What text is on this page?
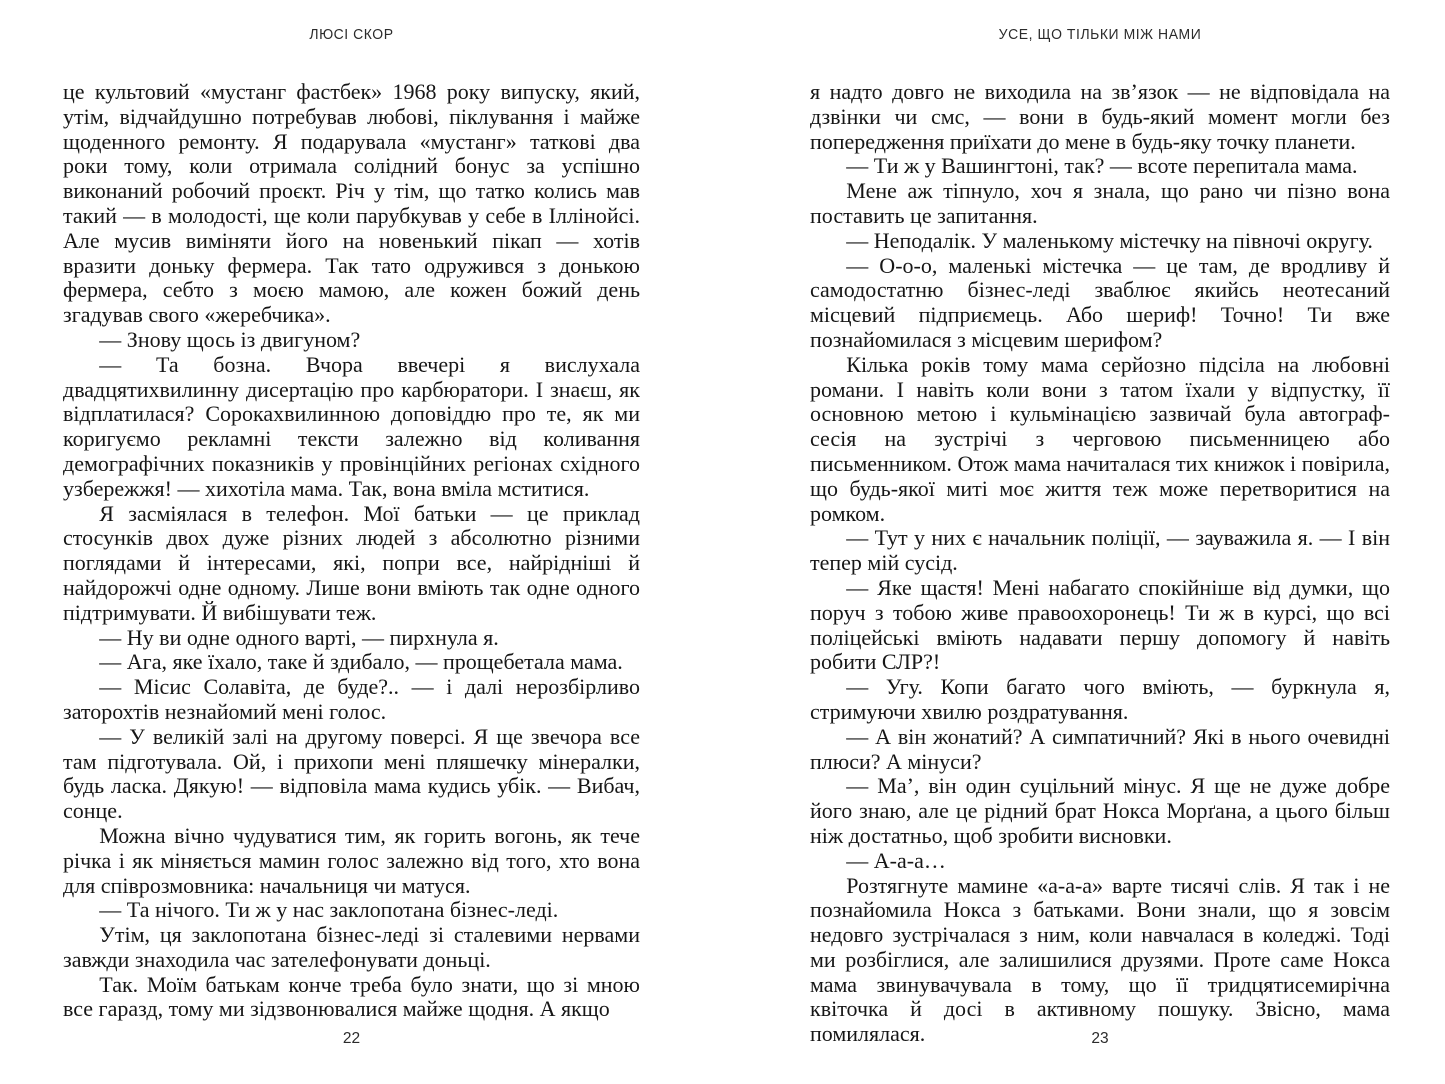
ЛЮСІ СКОР

це культовий «мустанг фастбек» 1968 року випуску, який, утім, відчайдушно потребував любові, піклування і майже щоденного ремонту. Я подарувала «мустанг» таткові два роки тому, коли отримала солідний бонус за успішно виконаний робочий проєкт. Річ у тім, що татко колись мав такий — в молодості, ще коли парубкував у себе в Іллінойсі. Але мусив виміняти його на новенький пікап — хотів вразити доньку фермера. Так тато одружився з донькою фермера, себто з моєю мамою, але кожен божий день згадував свого «жеребчика».

— Знову щось із двигуном?

— Та бозна. Вчора ввечері я вислухала двадцятихвилинну дисертацію про карбюратори. І знаєш, як відплатилася? Сорокахвилинною доповіддю про те, як ми коригуємо рекламні тексти залежно від коливання демографічних показників у провінційних регіонах східного узбережжя! — хихотіла мама. Так, вона вміла мститися.

Я засміялася в телефон. Мої батьки — це приклад стосунків двох дуже різних людей з абсолютно різними поглядами й інтересами, які, попри все, найрідніші й найдорожчі одне одному. Лише вони вміють так одне одного підтримувати. Й вибішувати теж.

— Ну ви одне одного варті, — пирхнула я.

— Ага, яке їхало, таке й здибало, — прощебетала мама.

— Місис Солавіта, де буде?.. — і далі нерозбірливо заторохтів незнайомий мені голос.

— У великій залі на другому поверсі. Я ще звечора все там підготувала. Ой, і прихопи мені пляшечку мінералки, будь ласка. Дякую! — відповіла мама кудись убік. — Вибач, сонце.

Можна вічно чудуватися тим, як горить вогонь, як тече річка і як міняється мамин голос залежно від того, хто вона для співрозмовника: начальниця чи матуся.

— Та нічого. Ти ж у нас заклопотана бізнес-леді.

Утім, ця заклопотана бізнес-леді зі сталевими нервами завжди знаходила час зателефонувати доньці.

Так. Моїм батькам конче треба було знати, що зі мною все гаразд, тому ми зідзвонювалися майже щодня. А якщо

22
УСЕ, ЩО ТІЛЬКИ МІЖ НАМИ

я надто довго не виходила на зв’язок — не відповідала на дзвінки чи смс, — вони в будь-який момент могли без попередження приїхати до мене в будь-яку точку планети.

— Ти ж у Вашингтоні, так? — всоте перепитала мама.

Мене аж тіпнуло, хоч я знала, що рано чи пізно вона поставить це запитання.

— Неподалік. У маленькому містечку на півночі округу.

— О-о-о, маленькі містечка — це там, де вродливу й самодостатню бізнес-леді зваблює якийсь неотесаний місцевий підприємець. Або шериф! Точно! Ти вже познайомилася з місцевим шерифом?

Кілька років тому мама серйозно підсіла на любовні романи. І навіть коли вони з татом їхали у відпустку, її основною метою і кульмінацією зазвичай була автограф-сесія на зустрічі з черговою письменницею або письменником. Отож мама начиталася тих книжок і повірила, що будь-якої миті моє життя теж може перетворитися на ромком.

— Тут у них є начальник поліції, — зауважила я. — І він тепер мій сусід.

— Яке щастя! Мені набагато спокійніше від думки, що поруч з тобою живе правоохоронець! Ти ж в курсі, що всі поліцейські вміють надавати першу допомогу й навіть робити СЛР?!

— Угу. Копи багато чого вміють, — буркнула я, стримуючи хвилю роздратування.

— А він жонатий? А симпатичний? Які в нього очевидні плюси? А мінуси?

— Ма’, він один суцільний мінус. Я ще не дуже добре його знаю, але це рідний брат Нокса Морґана, а цього більш ніж достатньо, щоб зробити висновки.

— А-а-а…

Розтягнуте мамине «а-а-а» варте тисячі слів. Я так і не познайомила Нокса з батьками. Вони знали, що я зовсім недовго зустрічалася з ним, коли навчалася в коледжі. Тоді ми розбіглися, але залишилися друзями. Проте саме Нокса мама звинувачувала в тому, що її тридцятисемирічна квіточка й досі в активному пошуку. Звісно, мама помилялася.	23
